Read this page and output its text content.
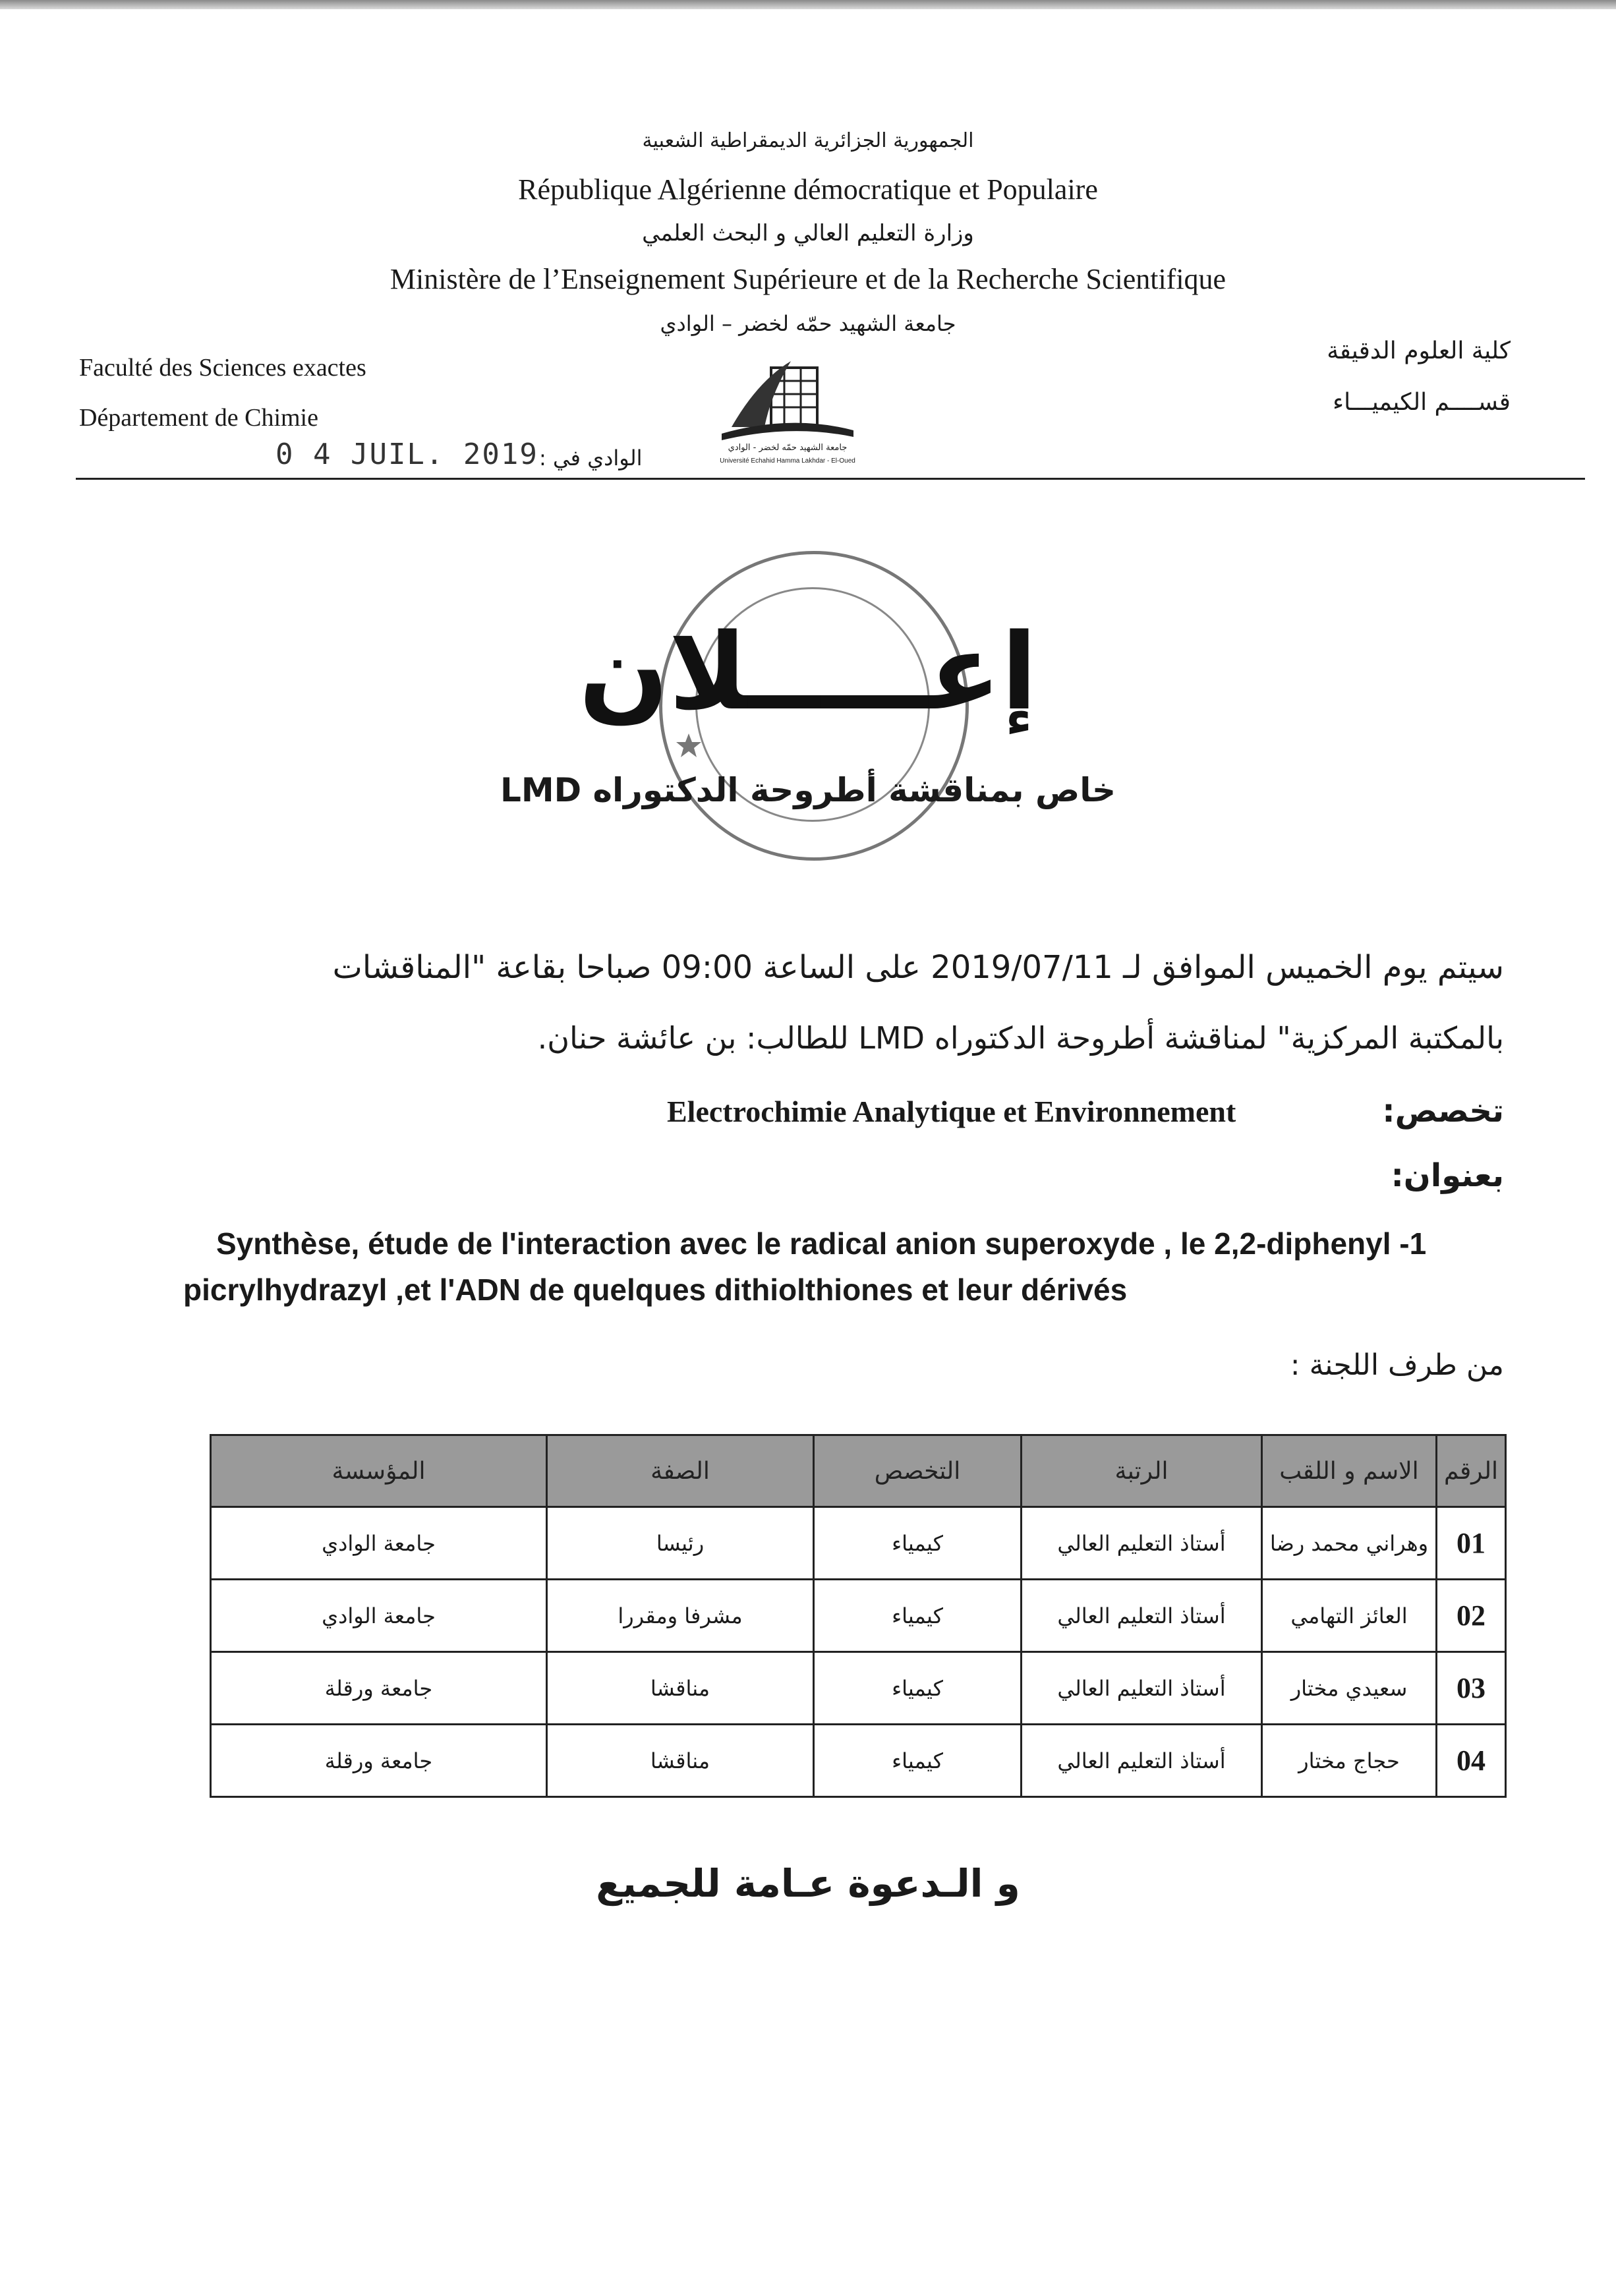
الجمهورية الجزائرية الديمقراطية الشعبية
République Algérienne démocratique et Populaire
وزارة التعليم العالي و البحث العلمي
Ministère de l’Enseignement Supérieure et de la Recherche Scientifique
جامعة الشهيد حمّه لخضر – الوادي
Faculté des Sciences exactes
Département de Chimie
0 4 JUIL. 2019
كلية العلوم الدقيقة
قســــم الكيميـــاء
الوادي في :	جامعة الشهيد حمّه لخضر - الوادي
Université Echahid Hamma Lakhdar - El-Oued
إعـــــلان
خاص بمناقشة أطروحة الدكتوراه LMD
سيتم يوم الخميس الموافق لـ 2019/07/11 على الساعة 09:00 صباحا بقاعة "المناقشات
بالمكتبة المركزية" لمناقشة أطروحة الدكتوراه LMD للطالب: بن عائشة حنان.
تخصص:
Electrochimie Analytique et Environnement
بعنوان:
Synthèse, étude de l'interaction avec le radical anion superoxyde , le 2,2-diphenyl -1
picrylhydrazyl ,et l'ADN de quelques dithiolthiones et leur dérivés
من طرف اللجنة :
الرقم	الاسم و اللقب	الرتبة	التخصص	الصفة	المؤسسة
01	وهراني محمد رضا	أستاذ التعليم العالي	كيمياء	رئيسا	جامعة الوادي
02	العائز التهامي	أستاذ التعليم العالي	كيمياء	مشرفا ومقررا	جامعة الوادي
03	سعيدي مختار	أستاذ التعليم العالي	كيمياء	مناقشا	جامعة ورقلة
04	حجاج مختار	أستاذ التعليم العالي	كيمياء	مناقشا	جامعة ورقلة
و الـدعوة عـامة للجميع
